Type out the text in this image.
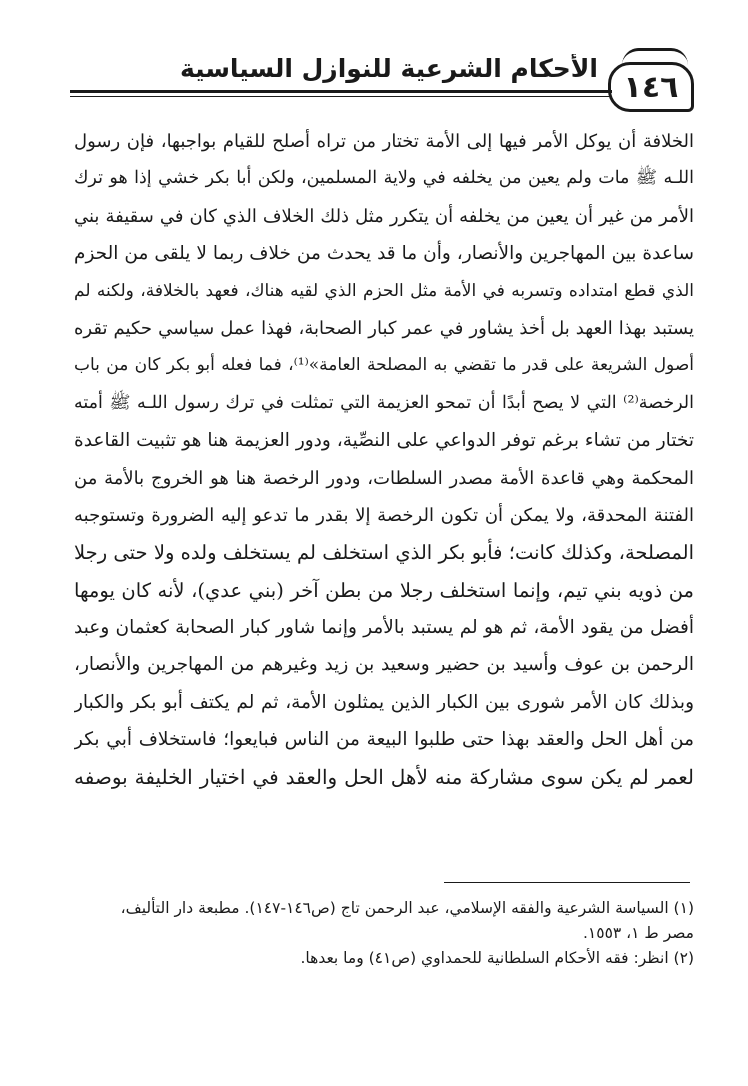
١٤٦
الأحكام الشرعية للنوازل السياسية
الخلافة أن يوكل الأمر فيها إلى الأمة تختار من تراه أصلح للقيام بواجبها، فإن رسول
اللـه ﷺ مات ولم يعين من يخلفه في ولاية المسلمين، ولكن أبا بكر خشي إذا هو ترك
الأمر من غير أن يعين من يخلفه أن يتكرر مثل ذلك الخلاف الذي كان في سقيفة بني
ساعدة بين المهاجرين والأنصار، وأن ما قد يحدث من خلاف ربما لا يلقى من الحزم
الذي قطع امتداده وتسربه في الأمة مثل الحزم الذي لقيه هناك، فعهد بالخلافة، ولكنه لم
يستبد بهذا العهد بل أخذ يشاور في عمر كبار الصحابة، فهذا عمل سياسي حكيم تقره
أصول الشريعة على قدر ما تقضي به المصلحة العامة»⁽¹⁾، فما فعله أبو بكر كان من باب
الرخصة⁽²⁾ التي لا يصح أبدًا أن تمحو العزيمة التي تمثلت في ترك رسول اللـه ﷺ أمته
تختار من تشاء برغم توفر الدواعي على النصِّية، ودور العزيمة هنا هو تثبيت القاعدة
المحكمة وهي قاعدة الأمة مصدر السلطات، ودور الرخصة هنا هو الخروج بالأمة من
الفتنة المحدقة، ولا يمكن أن تكون الرخصة إلا بقدر ما تدعو إليه الضرورة وتستوجبه
المصلحة، وكذلك كانت؛ فأبو بكر الذي استخلف لم يستخلف ولده ولا حتى رجلا
من ذويه بني تيم، وإنما استخلف رجلا من بطن آخر (بني عدي)، لأنه كان يومها
أفضل من يقود الأمة، ثم هو لم يستبد بالأمر وإنما شاور كبار الصحابة كعثمان وعبد
الرحمن بن عوف وأسيد بن حضير وسعيد بن زيد وغيرهم من المهاجرين والأنصار،
وبذلك كان الأمر شورى بين الكبار الذين يمثلون الأمة، ثم لم يكتف أبو بكر والكبار
من أهل الحل والعقد بهذا حتى طلبوا البيعة من الناس فبايعوا؛ فاستخلاف أبي بكر
لعمر لم يكن سوى مشاركة منه لأهل الحل والعقد في اختيار الخليفة بوصفه
(١) السياسة الشرعية والفقه الإسلامي، عبد الرحمن تاج (ص١٤٦-١٤٧). مطبعة دار التأليف،
مصر ط ١، ١٥٥٣.
(٢) انظر: فقه الأحكام السلطانية للحمداوي (ص٤١) وما بعدها.
